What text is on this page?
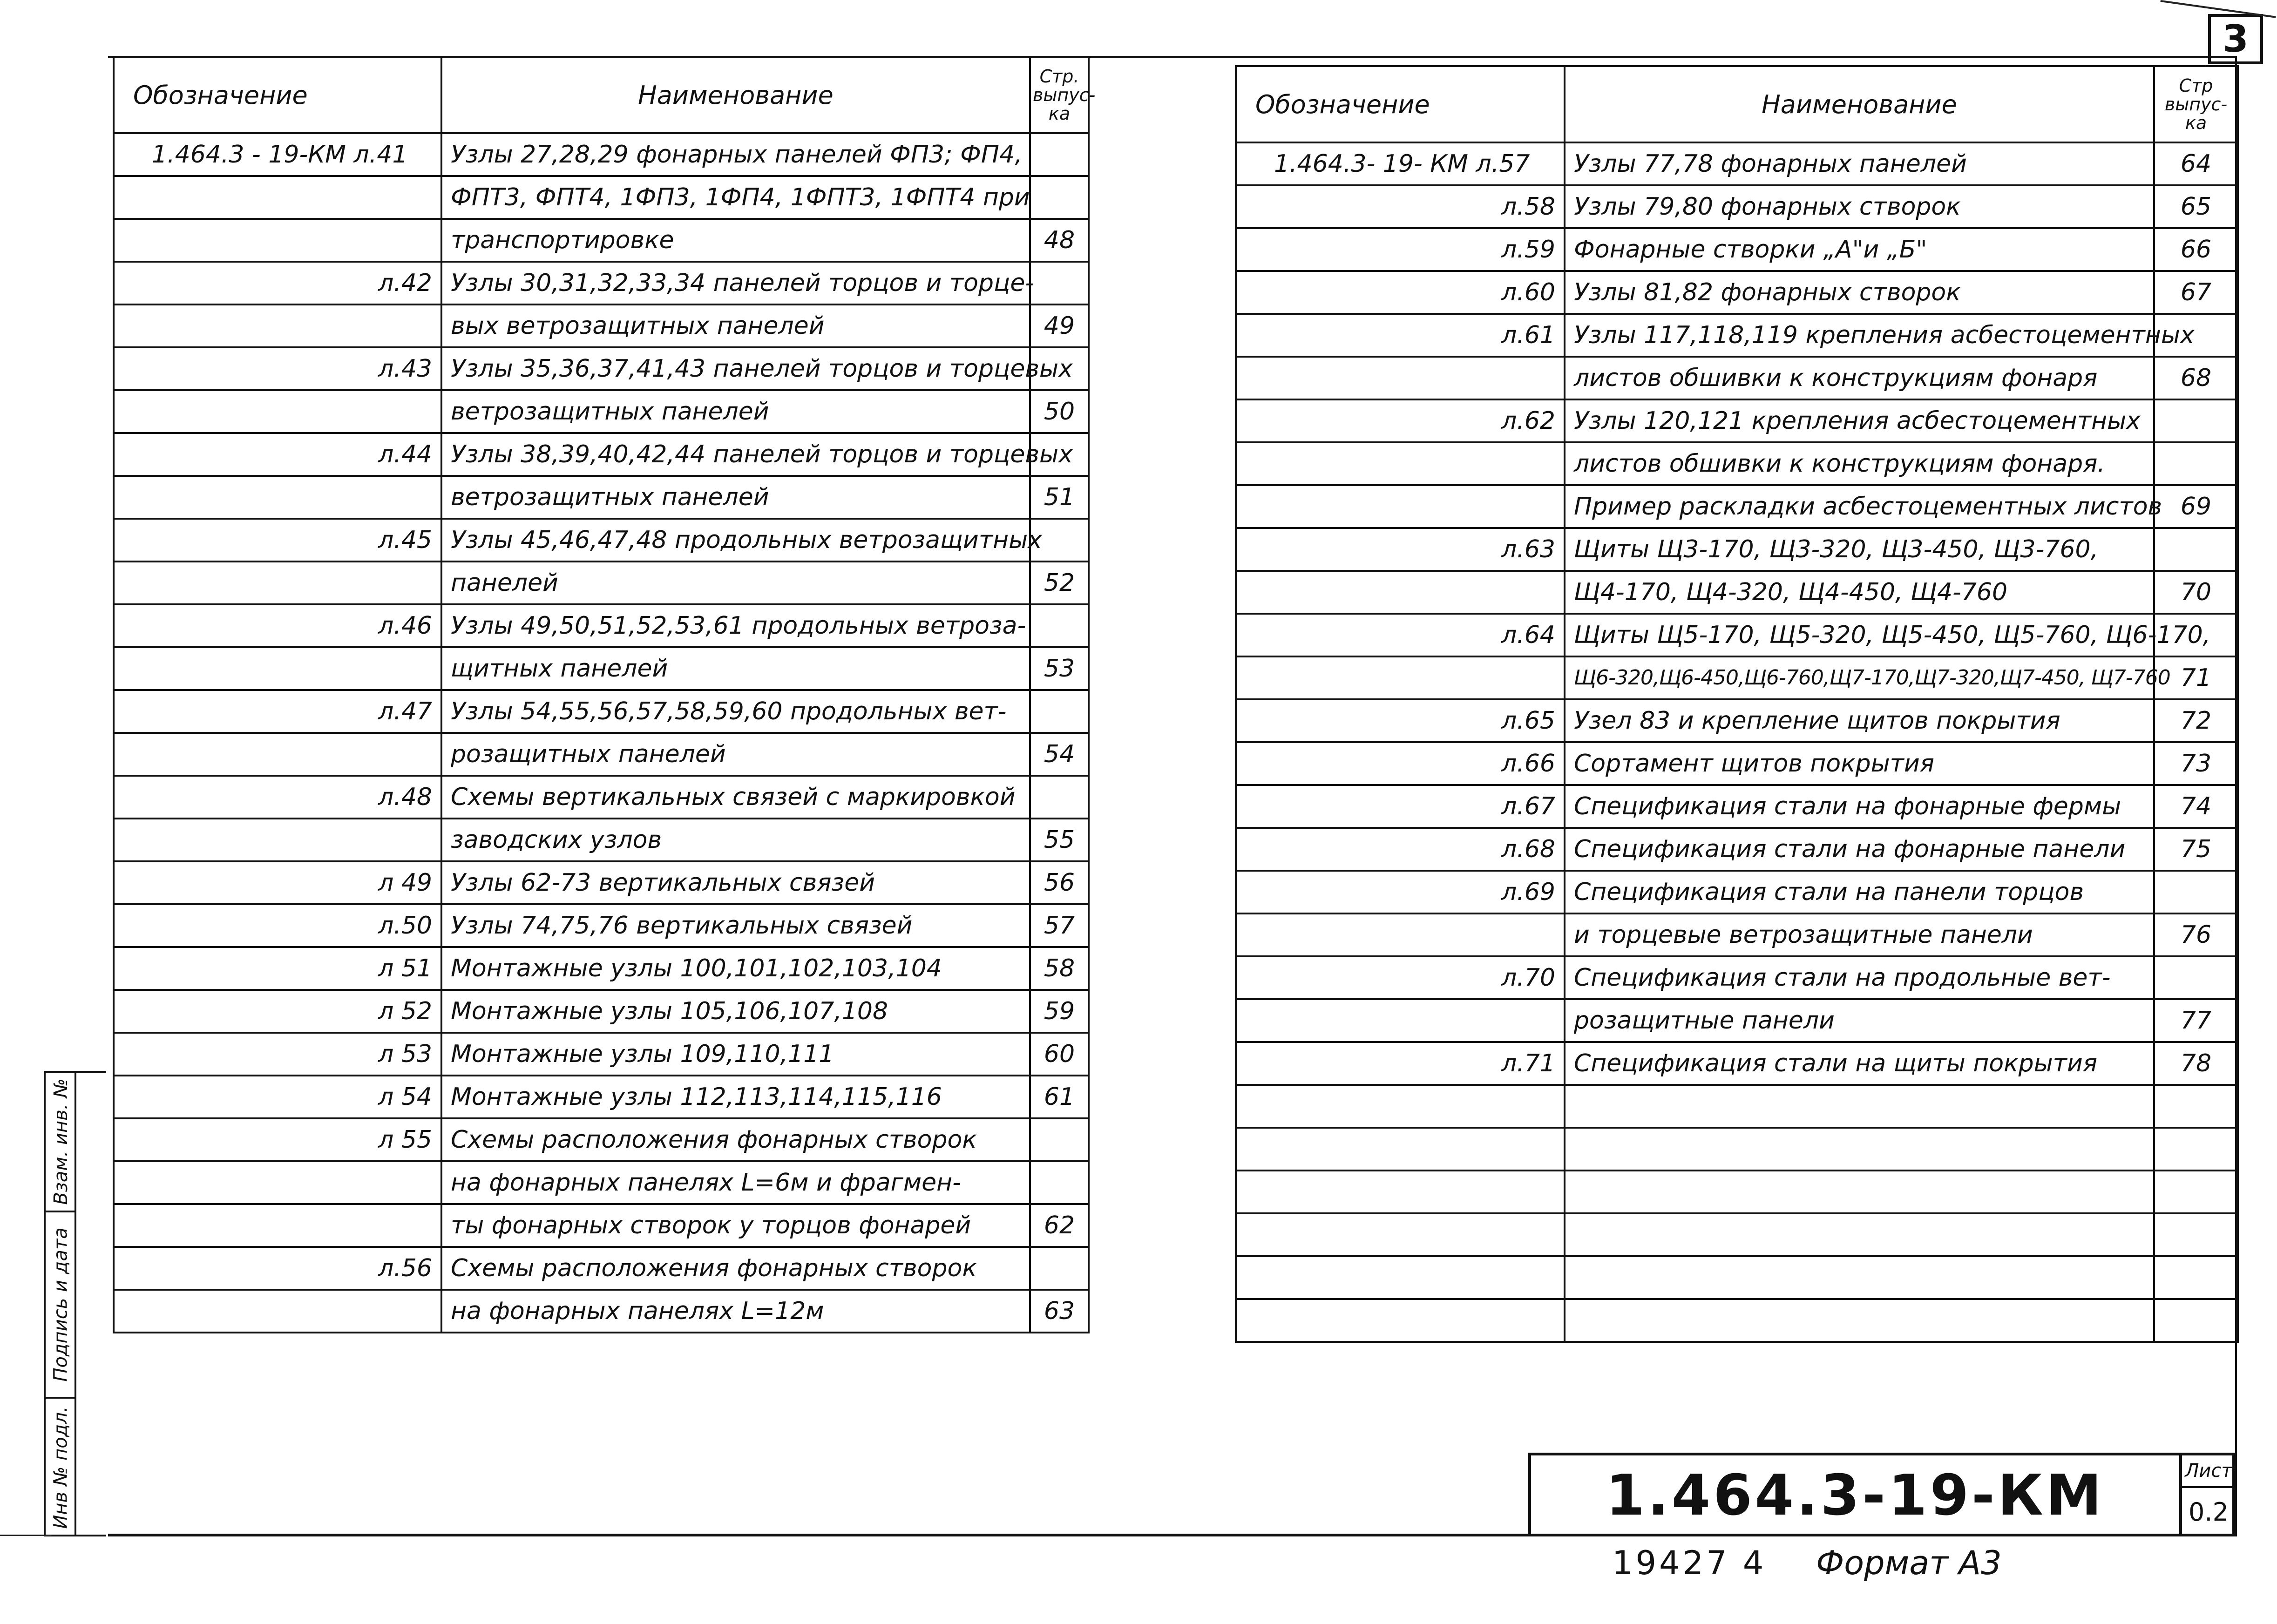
3
Обозначение	Наименование	Стр. выпус-ка
1.464.3 - 19-КМ л.41	Узлы 27,28,29 фонарных панелей ФП3; ФП4,	
	ФПТ3, ФПТ4, 1ФП3, 1ФП4, 1ФПТ3, 1ФПТ4 при	
	транспортировке	48
л.42	Узлы 30,31,32,33,34 панелей торцов и торце-	
	вых ветрозащитных панелей	49
л.43	Узлы 35,36,37,41,43 панелей торцов и торцевых	
	ветрозащитных панелей	50
л.44	Узлы 38,39,40,42,44 панелей торцов и торцевых	
	ветрозащитных панелей	51
л.45	Узлы 45,46,47,48 продольных ветрозащитных	
	панелей	52
л.46	Узлы 49,50,51,52,53,61 продольных ветроза-	
	щитных панелей	53
л.47	Узлы 54,55,56,57,58,59,60 продольных вет-	
	розащитных панелей	54
л.48	Схемы вертикальных связей с маркировкой	
	заводских узлов	55
л 49	Узлы 62-73 вертикальных связей	56
л.50	Узлы 74,75,76 вертикальных связей	57
л 51	Монтажные узлы 100,101,102,103,104	58
л 52	Монтажные узлы 105,106,107,108	59
л 53	Монтажные узлы 109,110,111	60
л 54	Монтажные узлы 112,113,114,115,116	61
л 55	Схемы расположения фонарных створок	
	на фонарных панелях L=6м и фрагмен-	
	ты фонарных створок у торцов фонарей	62
л.56	Схемы расположения фонарных створок	
	на фонарных панелях L=12м	63
Обозначение	Наименование	Стр выпус-ка
1.464.3- 19- КМ л.57	Узлы 77,78 фонарных панелей	64
л.58	Узлы 79,80 фонарных створок	65
л.59	Фонарные створки „А"и „Б"	66
л.60	Узлы 81,82 фонарных створок	67
л.61	Узлы 117,118,119 крепления асбестоцементных	
	листов обшивки к конструкциям фонаря	68
л.62	Узлы 120,121 крепления асбестоцементных	
	листов обшивки к конструкциям фонаря.	
	Пример раскладки асбестоцементных листов	69
л.63	Щиты Щ3-170, Щ3-320, Щ3-450, Щ3-760,	
	Щ4-170, Щ4-320, Щ4-450, Щ4-760	70
л.64	Щиты Щ5-170, Щ5-320, Щ5-450, Щ5-760, Щ6-170,	
	Щ6-320,Щ6-450,Щ6-760,Щ7-170,Щ7-320,Щ7-450, Щ7-760	71
л.65	Узел 83 и крепление щитов покрытия	72
л.66	Сортамент щитов покрытия	73
л.67	Спецификация стали на фонарные фермы	74
л.68	Спецификация стали на фонарные панели	75
л.69	Спецификация стали на панели торцов	
	и торцевые ветрозащитные панели	76
л.70	Спецификация стали на продольные вет-	
	розащитные панели	77
л.71	Спецификация стали на щиты покрытия	78

Взам. инв. №
Подпись и дата
Инв № подл.	1.464.3-19-КМ	Лист
0.2
19427 4 Формат А3
